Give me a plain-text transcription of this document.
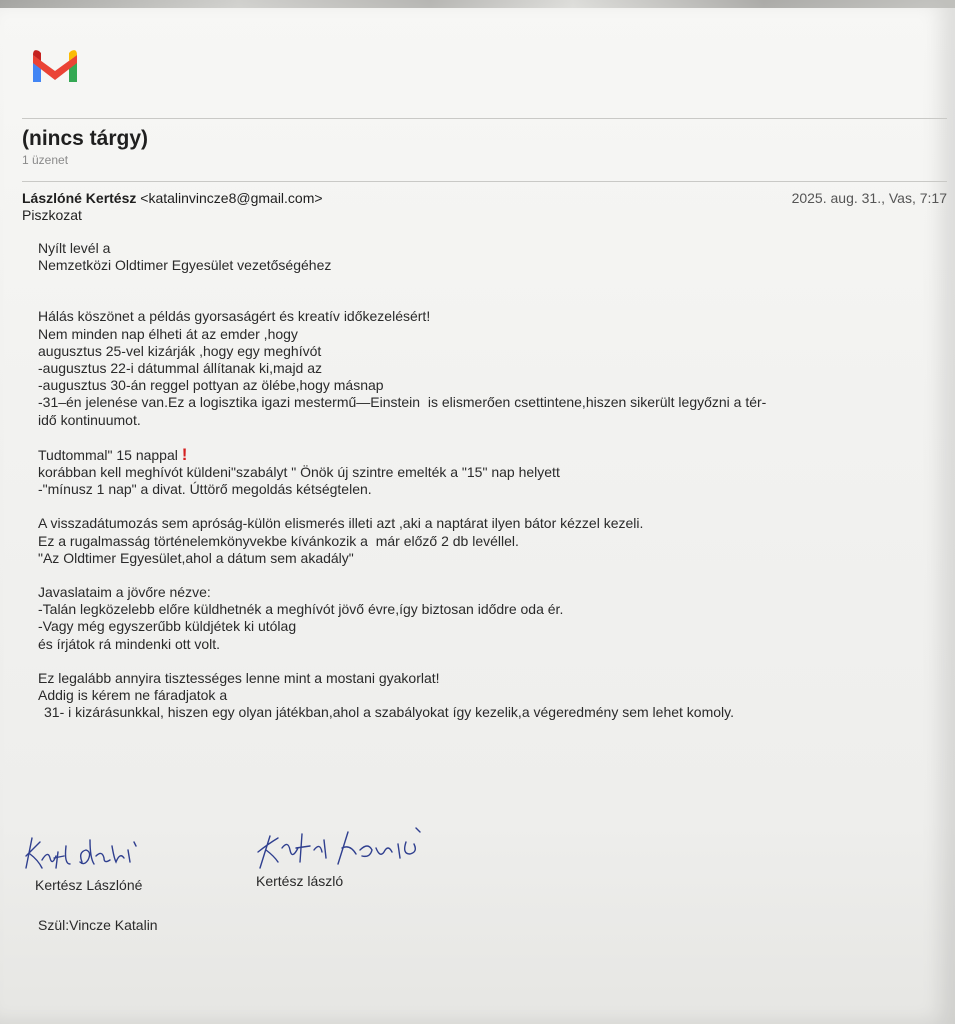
(nincs tárgy)
1 üzenet
Lászlóné Kertész <katalinvincze8@gmail.com>	2025. aug. 31., Vas, 7:17
Piszkozat

Nyílt levél a

Nemzetközi Oldtimer Egyesület vezetőségéhez

Hálás köszönet a példás gyorsaságért és kreatív időkezelésért!

Nem minden nap élheti át az emder ,hogy

augusztus 25-vel kizárják ,hogy egy meghívót

-augusztus 22-i dátummal állítanak ki,majd az

-augusztus 30-án reggel pottyan az ölébe,hogy másnap

-31–én jelenése van.Ez a logisztika igazi mestermű—Einstein  is elismerően csettintene,hiszen sikerült legyőzni a tér-

idő kontinuumot.

Tudtommal" 15 nappal !

korábban kell meghívót küldeni"szabályt " Önök új szintre emelték a "15" nap helyett

-"mínusz 1 nap" a divat. Úttörő megoldás kétségtelen.

A visszadátumozás sem apróság-külön elismerés illeti azt ,aki a naptárat ilyen bátor kézzel kezeli.

Ez a rugalmasság történelemkönyvekbe kívánkozik a  már előző 2 db levéllel.

"Az Oldtimer Egyesület,ahol a dátum sem akadály"

Javaslataim a jövőre nézve:

-Talán legközelebb előre küldhetnék a meghívót jövő évre,így biztosan idődre oda ér.

-Vagy még egyszerűbb küldjétek ki utólag

és írjátok rá mindenki ott volt.

Ez legalább annyira tisztességes lenne mint a mostani gyakorlat!

Addig is kérem ne fáradjatok a

31- i kizárásunkkal, hiszen egy olyan játékban,ahol a szabályokat így kezelik,a végeredmény sem lehet komoly.

Kertész Lászlóné	Kertész lászló
Szül:Vincze Katalin
